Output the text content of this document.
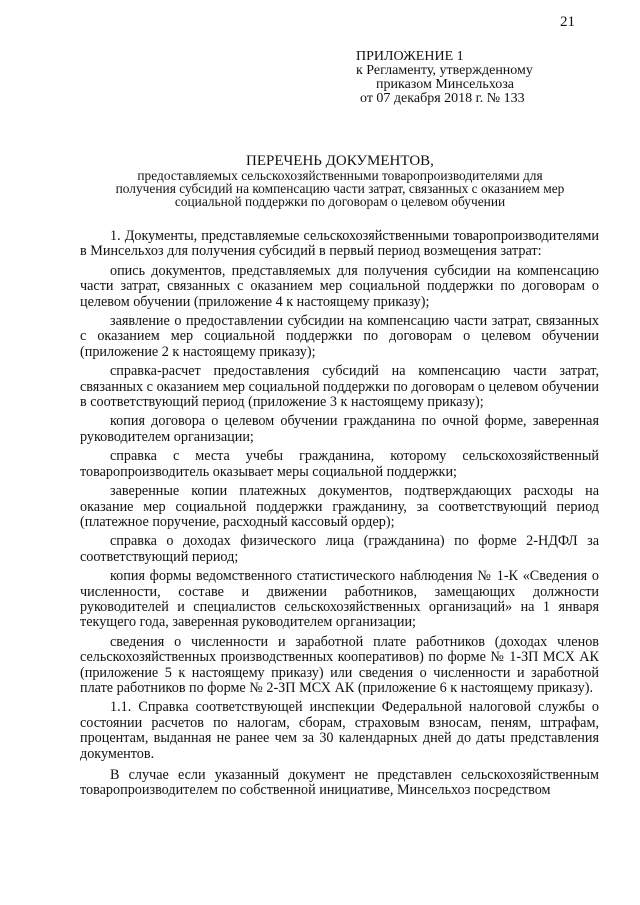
21
ПРИЛОЖЕНИЕ 1
к Регламенту, утвержденному
приказом Минсельхоза
от 07 декабря 2018 г. № 133
ПЕРЕЧЕНЬ ДОКУМЕНТОВ,
предоставляемых сельскохозяйственными товаропроизводителями для
получения субсидий на компенсацию части затрат, связанных с оказанием мер
социальной поддержки по договорам о целевом обучении

1. Документы, представляемые сельскохозяйственными товаропроизводителями в Минсельхоз для получения субсидий в первый период возмещения затрат:

опись документов, представляемых для получения субсидии на компенсацию части затрат, связанных с оказанием мер социальной поддержки по договорам о целевом обучении (приложение 4 к настоящему приказу);

заявление о предоставлении субсидии на компенсацию части затрат, связанных с оказанием мер социальной поддержки по договорам о целевом обучении (приложение 2 к настоящему приказу);

справка-расчет предоставления субсидий на компенсацию части затрат, связанных с оказанием мер социальной поддержки по договорам о целевом обучении в соответствующий период (приложение 3 к настоящему приказу);

копия договора о целевом обучении гражданина по очной форме, заверенная руководителем организации;

справка с места учебы гражданина, которому сельскохозяйственный товаропроизводитель оказывает меры социальной поддержки;

заверенные копии платежных документов, подтверждающих расходы на оказание мер социальной поддержки гражданину, за соответствующий период (платежное поручение, расходный кассовый ордер);

справка о доходах физического лица (гражданина) по форме 2-НДФЛ за соответствующий период;

копия формы ведомственного статистического наблюдения № 1-К «Сведения о численности, составе и движении работников, замещающих должности руководителей и специалистов сельскохозяйственных организаций» на 1 января текущего года, заверенная руководителем организации;

сведения о численности и заработной плате работников (доходах членов сельскохозяйственных производственных кооперативов) по форме № 1-ЗП МСХ АК (приложение 5 к настоящему приказу) или сведения о численности и заработной плате работников по форме № 2-ЗП МСХ АК (приложение 6 к настоящему приказу).

1.1. Справка соответствующей инспекции Федеральной налоговой службы о состоянии расчетов по налогам, сборам, страховым взносам, пеням, штрафам, процентам, выданная не ранее чем за 30 календарных дней до даты представления документов.

В случае если указанный документ не представлен сельскохозяйственным товаропроизводителем по собственной инициативе, Минсельхоз посредством
